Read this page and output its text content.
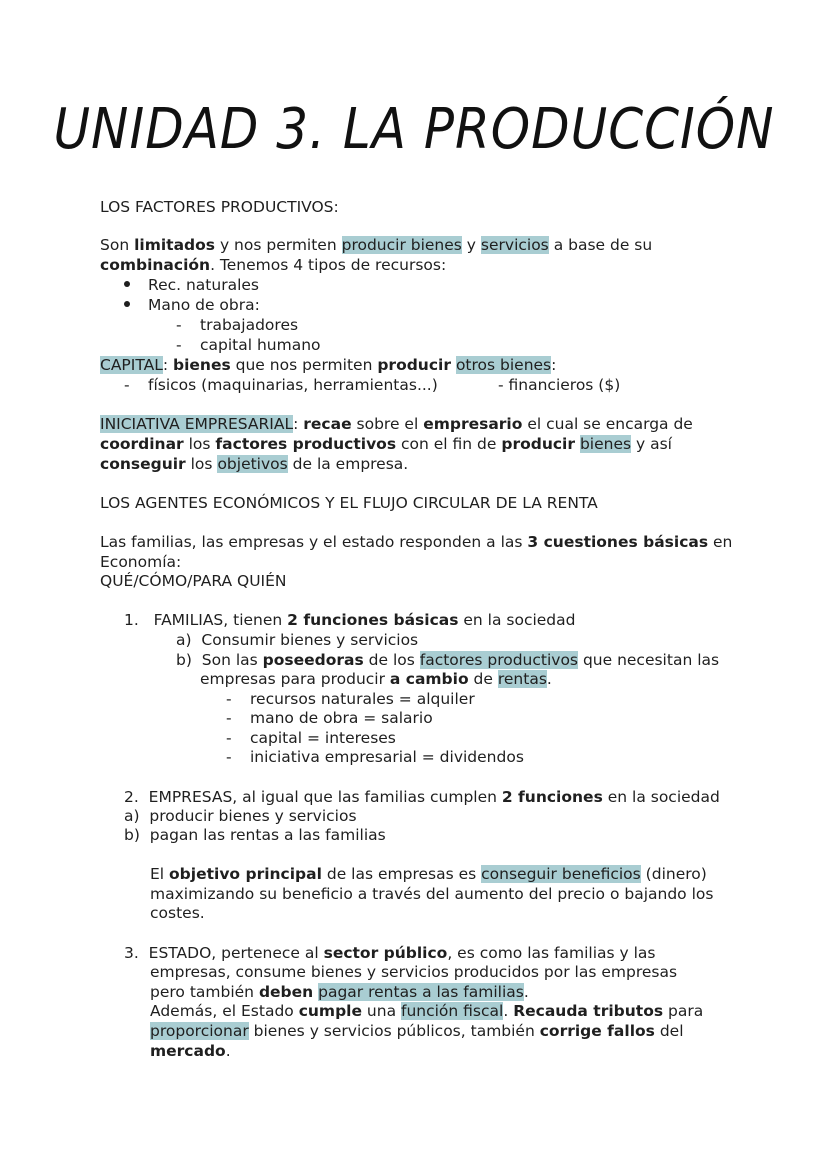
UNIDAD 3. LA PRODUCCIÓN
LOS FACTORES PRODUCTIVOS:
Son limitados y nos permiten producir bienes y servicios a base de su
combinación. Tenemos 4 tipos de recursos:
Rec. naturales
Mano de obra:
- trabajadores
- capital humano
CAPITAL: bienes que nos permiten producir otros bienes:
- físicos (maquinarias, herramientas...)	- financieros ($)
INICIATIVA EMPRESARIAL: recae sobre el empresario el cual se encarga de
coordinar los factores productivos con el fin de producir bienes y así
conseguir los objetivos de la empresa.
LOS AGENTES ECONÓMICOS Y EL FLUJO CIRCULAR DE LA RENTA
Las familias, las empresas y el estado responden a las 3 cuestiones básicas en
Economía:
QUÉ/CÓMO/PARA QUIÉN
1. FAMILIAS, tienen 2 funciones básicas en la sociedad
a) Consumir bienes y servicios
b) Son las poseedoras de los factores productivos que necesitan las
empresas para producir a cambio de rentas.
- recursos naturales = alquiler
- mano de obra = salario
- capital = intereses
- iniciativa empresarial = dividendos
2. EMPRESAS, al igual que las familias cumplen 2 funciones en la sociedad
a) producir bienes y servicios
b) pagan las rentas a las familias
El objetivo principal de las empresas es conseguir beneficios (dinero)
maximizando su beneficio a través del aumento del precio o bajando los
costes.
3. ESTADO, pertenece al sector público, es como las familias y las
empresas, consume bienes y servicios producidos por las empresas
pero también deben pagar rentas a las familias.
Además, el Estado cumple una función fiscal. Recauda tributos para
proporcionar bienes y servicios públicos, también corrige fallos del
mercado.
